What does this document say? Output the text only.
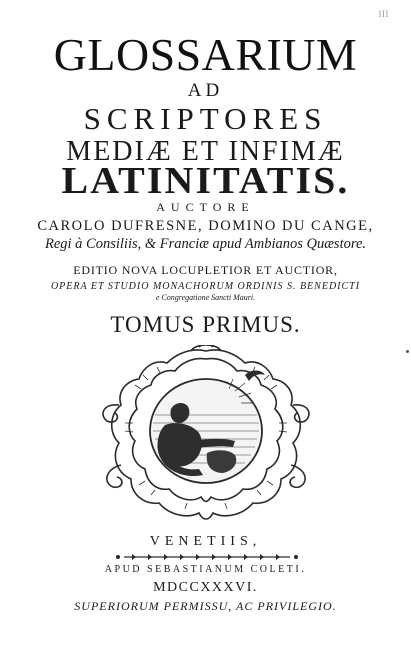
III
GLOSSARIUM
AD
SCRIPTORES
MEDIÆ ET INFIMÆ
LATINITATIS.
AUCTORE
CAROLO DUFRESNE, DOMINO DU CANGE,
Regi à Consiliis, & Franciæ apud Ambianos Quæstore.
EDITIO NOVA LOCUPLETIOR ET AUCTIOR,
OPERA ET STUDIO MONACHORUM ORDINIS S. BENEDICTI
e Congregatione Sancti Mauri.
TOMUS PRIMUS.
VENETIIS,
APUD SEBASTIANUM COLETI.
MDCCXXXVI.
SUPERIORUM PERMISSU, AC PRIVILEGIO.
